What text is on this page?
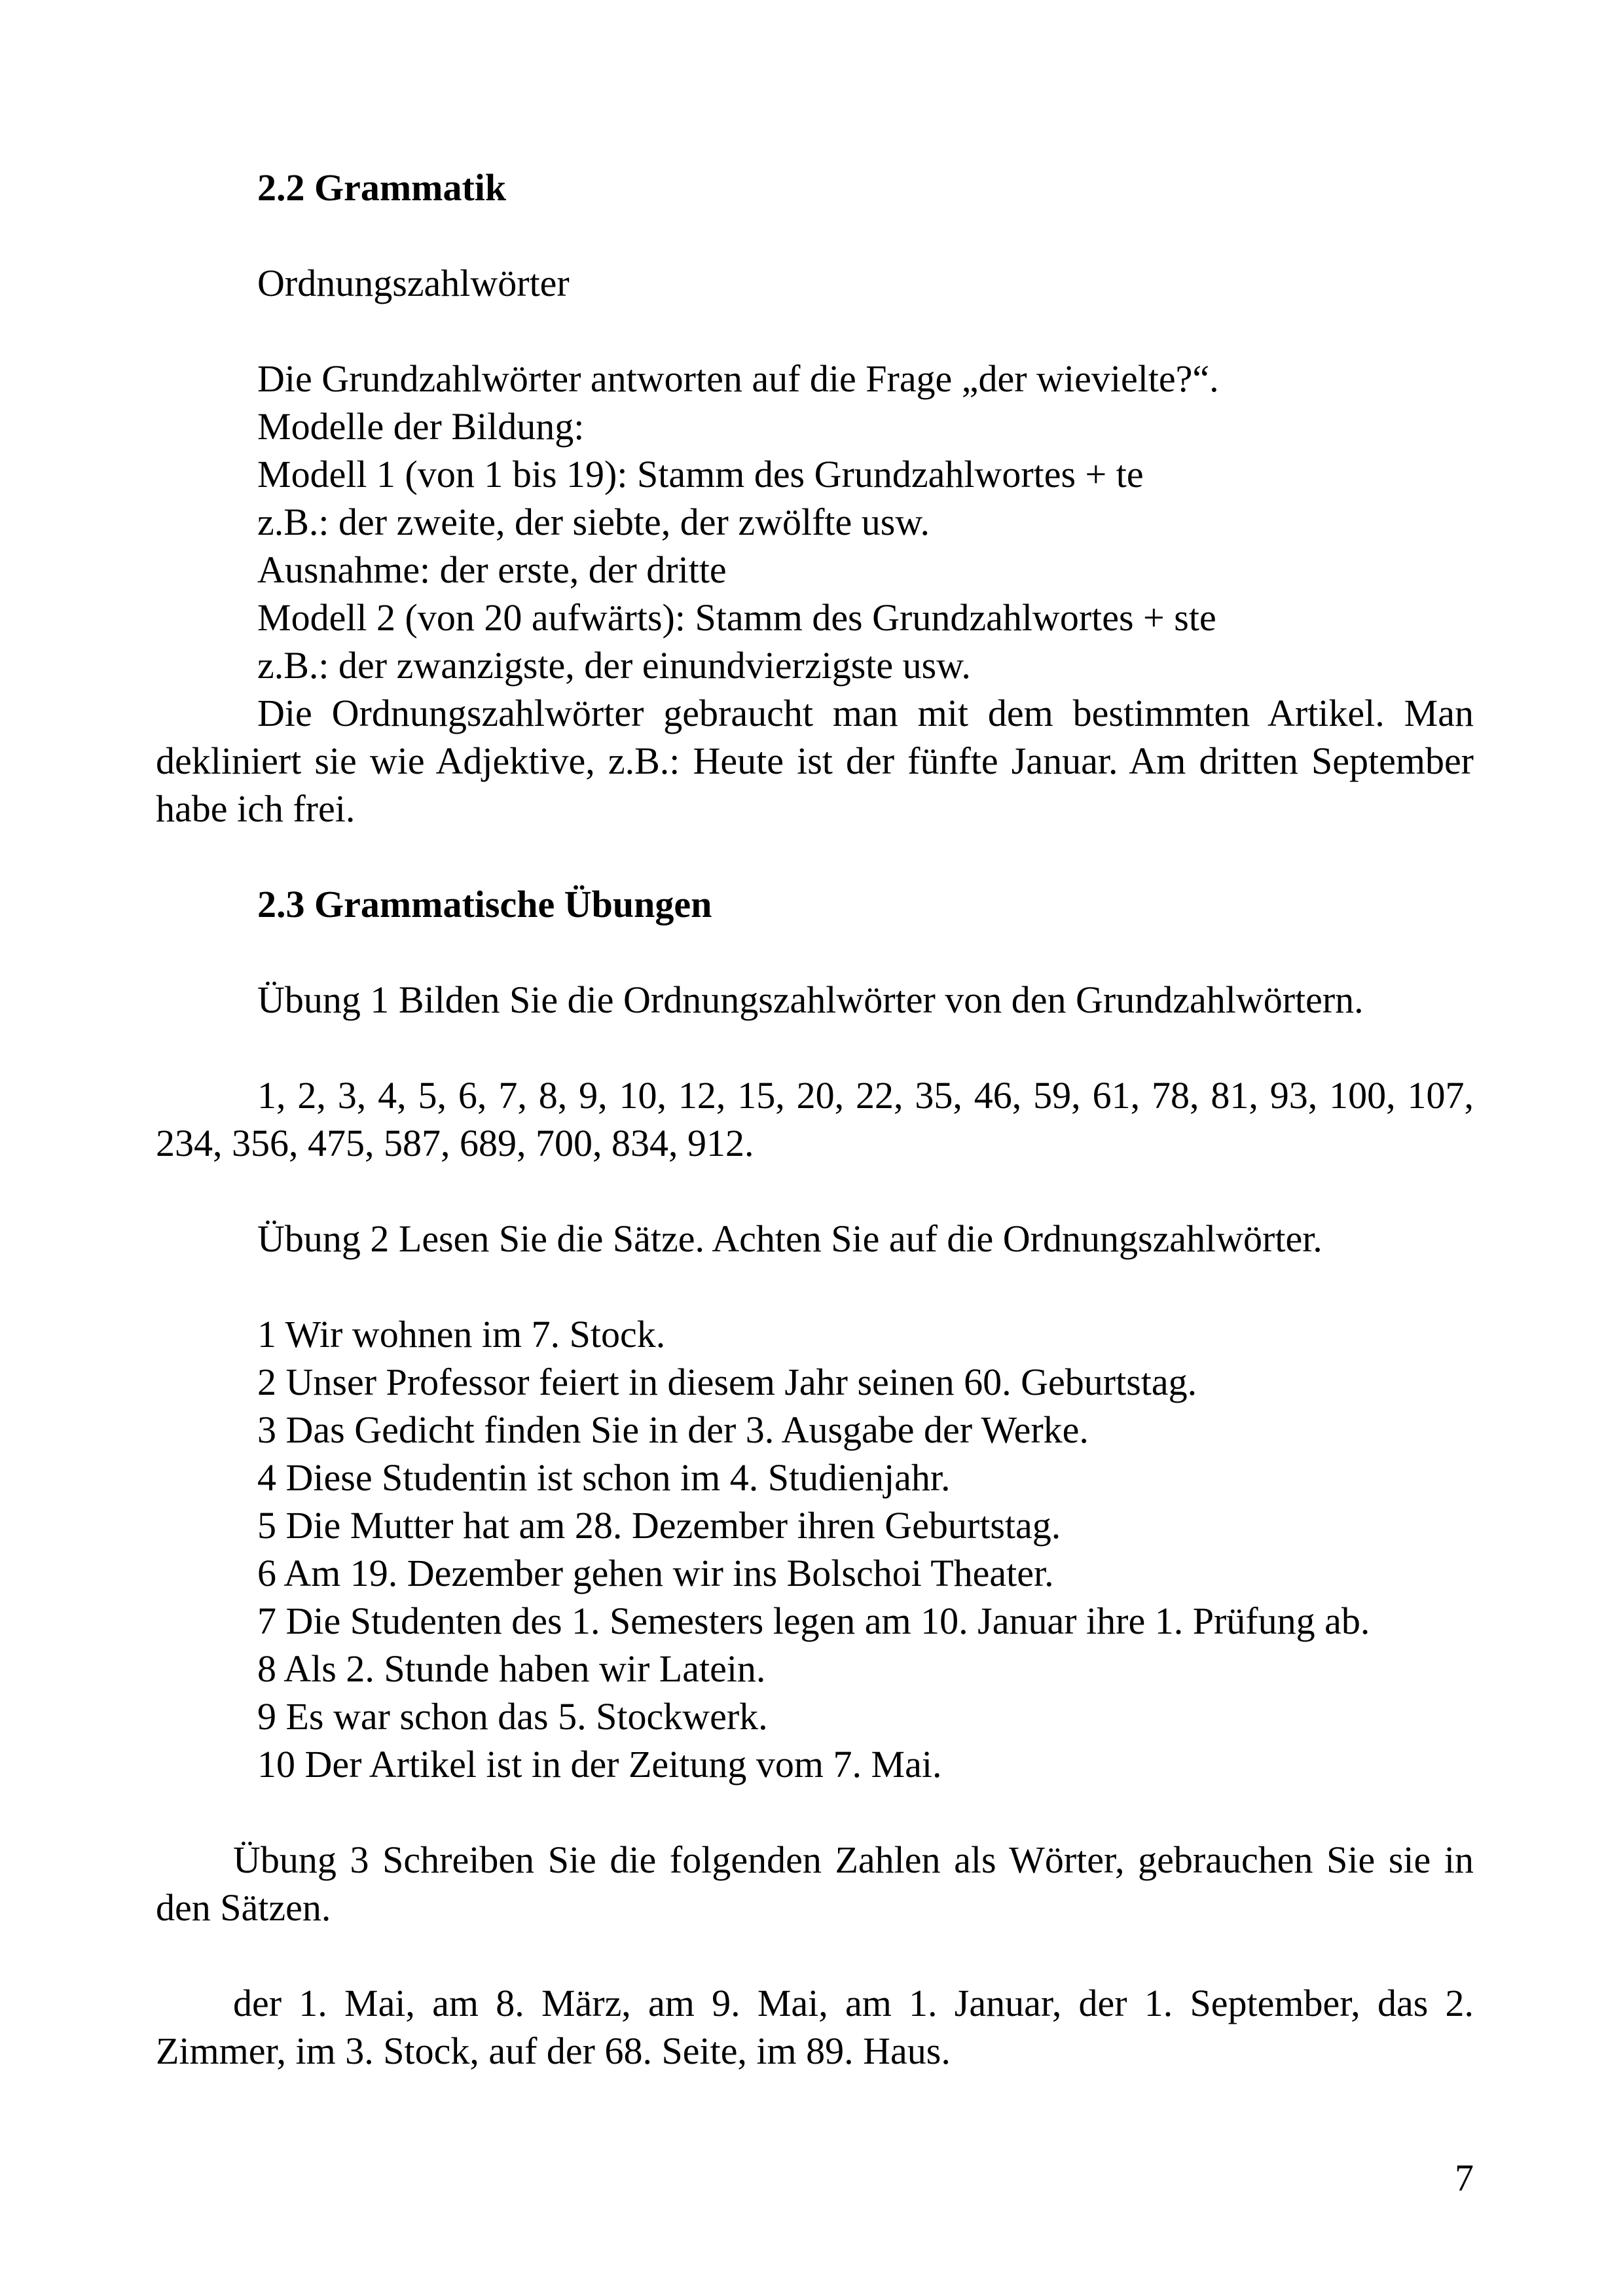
2.2 Grammatik
Ordnungszahlwörter
Die Grundzahlwörter antworten auf die Frage „der wievielte?“.
Modelle der Bildung:
Modell 1 (von 1 bis 19): Stamm des Grundzahlwortes + te
z.B.: der zweite, der siebte, der zwölfte usw.
Ausnahme: der erste, der dritte
Modell 2 (von 20 aufwärts): Stamm des Grundzahlwortes + ste
z.B.: der zwanzigste, der einundvierzigste usw.
Die Ordnungszahlwörter gebraucht man mit dem bestimmten Artikel. Man
dekliniert sie wie Adjektive, z.B.: Heute ist der fünfte Januar. Am dritten September
habe ich frei.
2.3 Grammatische Übungen
Übung 1 Bilden Sie die Ordnungszahlwörter von den Grundzahlwörtern.
1, 2, 3, 4, 5, 6, 7, 8, 9, 10, 12, 15, 20, 22, 35, 46, 59, 61, 78, 81, 93, 100, 107,
234, 356, 475, 587, 689, 700, 834, 912.
Übung 2 Lesen Sie die Sätze. Achten Sie auf die Ordnungszahlwörter.
1 Wir wohnen im 7. Stock.
2 Unser Professor feiert in diesem Jahr seinen 60. Geburtstag.
3 Das Gedicht finden Sie in der 3. Ausgabe der Werke.
4 Diese Studentin ist schon im 4. Studienjahr.
5 Die Mutter hat am 28. Dezember ihren Geburtstag.
6 Am 19. Dezember gehen wir ins Bolschoi Theater.
7 Die Studenten des 1. Semesters legen am 10. Januar ihre 1. Prüfung ab.
8 Als 2. Stunde haben wir Latein.
9 Es war schon das 5. Stockwerk.
10 Der Artikel ist in der Zeitung vom 7. Mai.
Übung 3 Schreiben Sie die folgenden Zahlen als Wörter, gebrauchen Sie sie in
den Sätzen.
der 1. Mai, am 8. März, am 9. Mai, am 1. Januar, der 1. September, das 2.
Zimmer, im 3. Stock, auf der 68. Seite, im 89. Haus.
7
